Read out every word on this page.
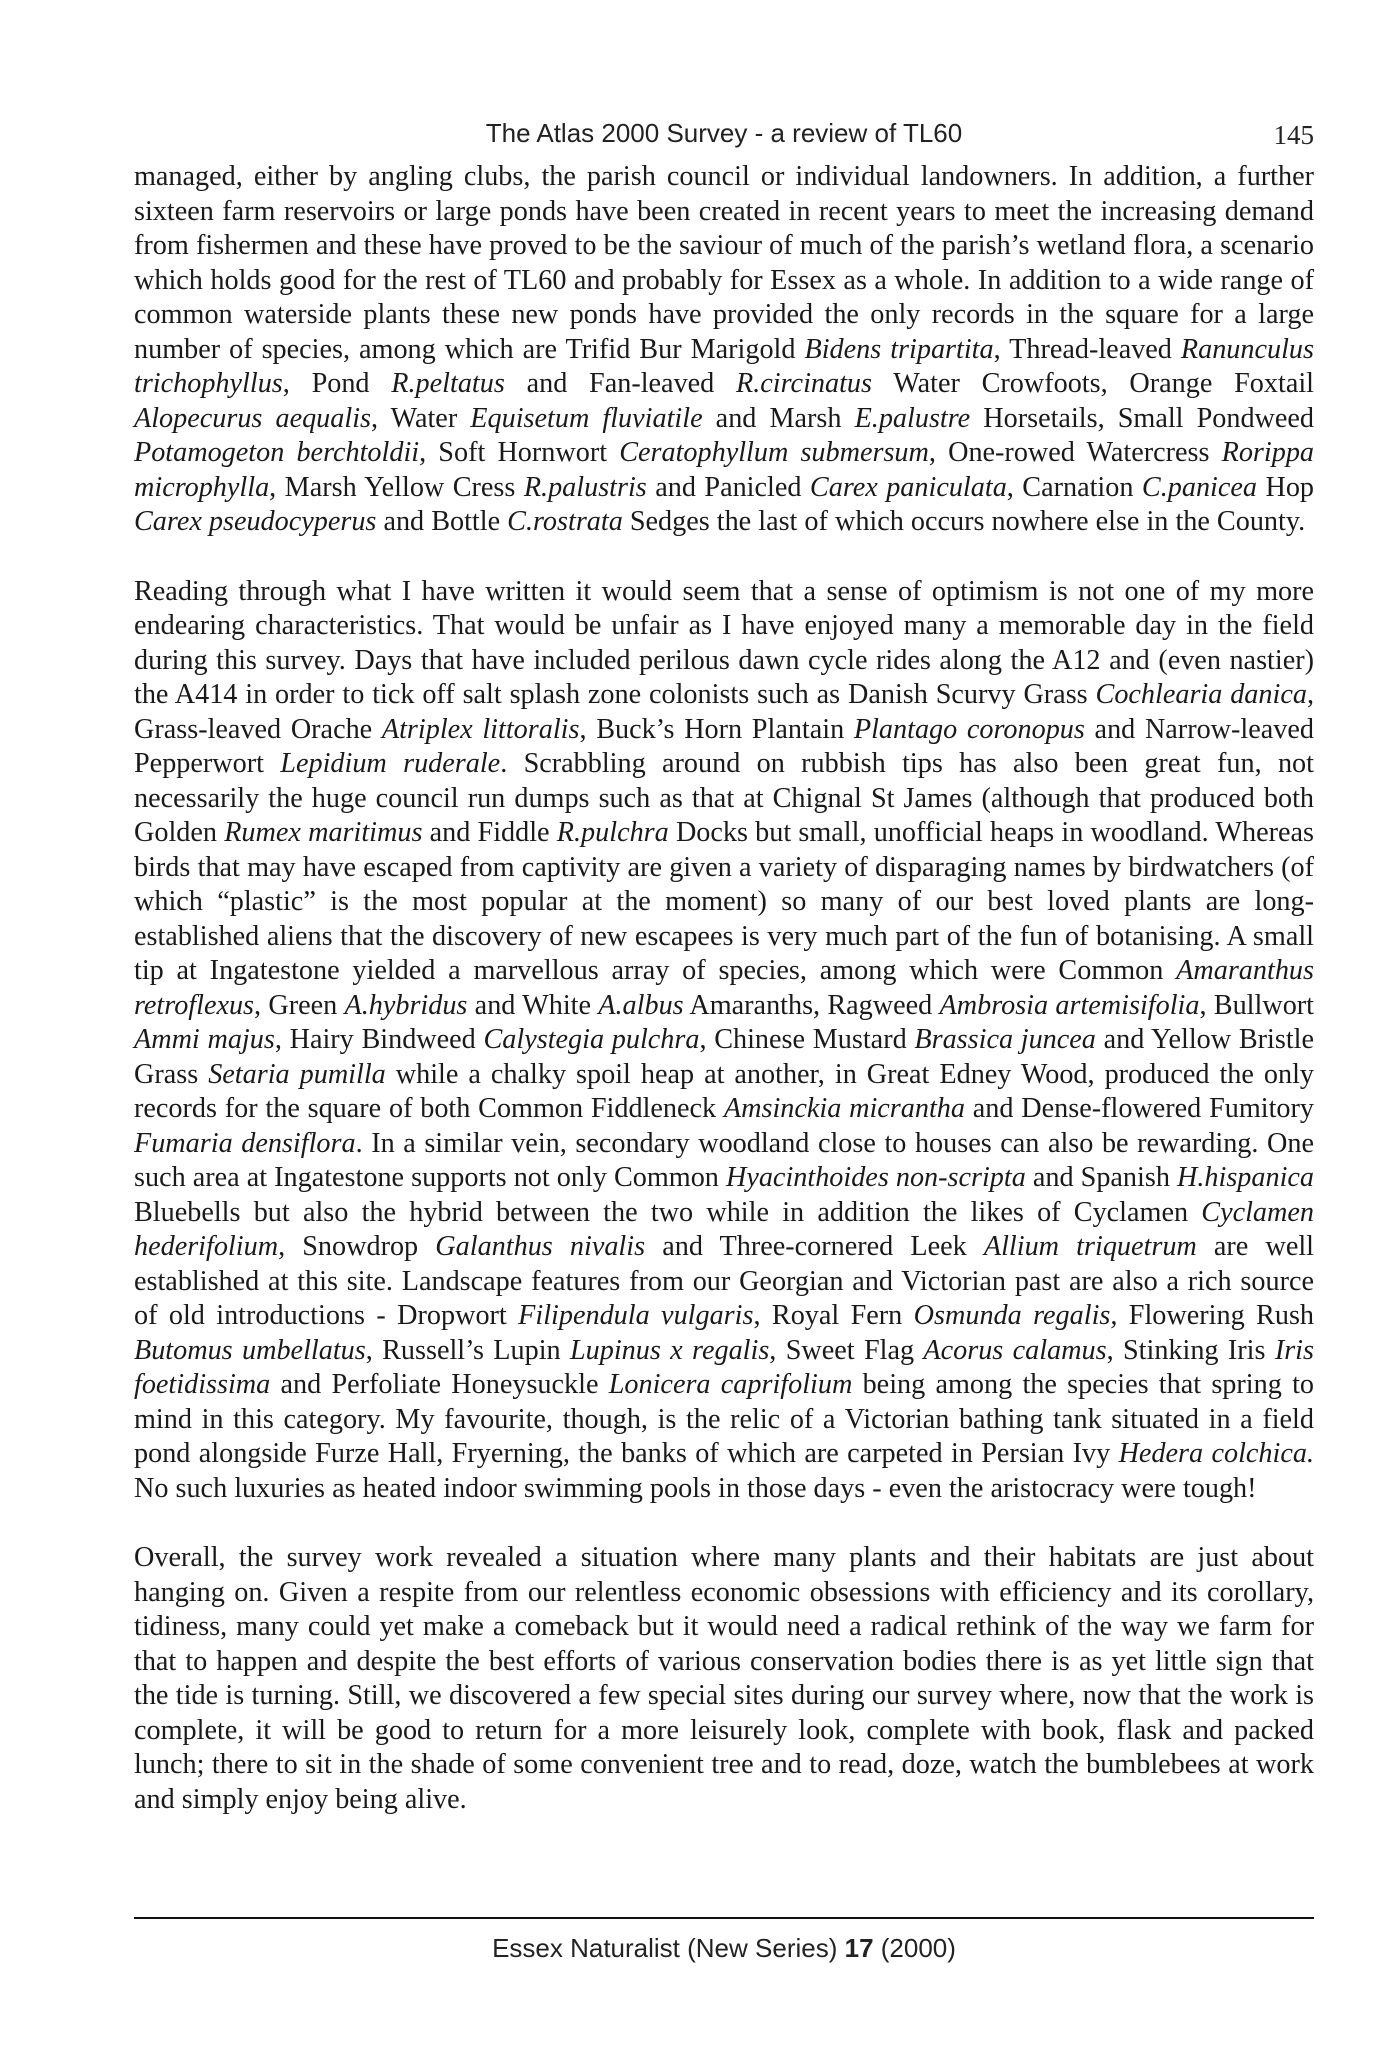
The Atlas 2000 Survey - a review of TL60	145

managed, either by angling clubs, the parish council or individual landowners. In addition, a further sixteen farm reservoirs or large ponds have been created in recent years to meet the increasing demand from fishermen and these have proved to be the saviour of much of the parish’s wetland flora, a scenario which holds good for the rest of TL60 and probably for Essex as a whole. In addition to a wide range of common waterside plants these new ponds have provided the only records in the square for a large number of species, among which are Trifid Bur Marigold Bidens tripartita, Thread-leaved Ranunculus trichophyllus, Pond R.peltatus and Fan-leaved R.circinatus Water Crowfoots, Orange Foxtail Alopecurus aequalis, Water Equisetum fluviatile and Marsh E.palustre Horsetails, Small Pondweed Potamogeton berchtoldii, Soft Hornwort Ceratophyllum submersum, One-rowed Watercress Rorippa microphylla, Marsh Yellow Cress R.palustris and Panicled Carex paniculata, Carnation C.panicea Hop Carex pseudocyperus and Bottle C.rostrata Sedges the last of which occurs nowhere else in the County.

Reading through what I have written it would seem that a sense of optimism is not one of my more endearing characteristics. That would be unfair as I have enjoyed many a memorable day in the field during this survey. Days that have included perilous dawn cycle rides along the A12 and (even nastier) the A414 in order to tick off salt splash zone colonists such as Danish Scurvy Grass Cochlearia danica, Grass-leaved Orache Atriplex littoralis, Buck’s Horn Plantain Plantago coronopus and Narrow-leaved Pepperwort Lepidium ruderale. Scrabbling around on rubbish tips has also been great fun, not necessarily the huge council run dumps such as that at Chignal St James (although that produced both Golden Rumex maritimus and Fiddle R.pulchra Docks but small, unofficial heaps in woodland. Whereas birds that may have escaped from captivity are given a variety of disparaging names by birdwatchers (of which “plastic” is the most popular at the moment) so many of our best loved plants are long-established aliens that the discovery of new escapees is very much part of the fun of botanising. A small tip at Ingatestone yielded a marvellous array of species, among which were Common Amaranthus retroflexus, Green A.hybridus and White A.albus Amaranths, Ragweed Ambrosia artemisifolia, Bullwort Ammi majus, Hairy Bindweed Calystegia pulchra, Chinese Mustard Brassica juncea and Yellow Bristle Grass Setaria pumilla while a chalky spoil heap at another, in Great Edney Wood, produced the only records for the square of both Common Fiddleneck Amsinckia micrantha and Dense-flowered Fumitory Fumaria densiflora. In a similar vein, secondary woodland close to houses can also be rewarding. One such area at Ingatestone supports not only Common Hyacinthoides non-scripta and Spanish H.hispanica Bluebells but also the hybrid between the two while in addition the likes of Cyclamen Cyclamen hederifolium, Snowdrop Galanthus nivalis and Three-cornered Leek Allium triquetrum are well established at this site. Landscape features from our Georgian and Victorian past are also a rich source of old introductions - Dropwort Filipendula vulgaris, Royal Fern Osmunda regalis, Flowering Rush Butomus umbellatus, Russell’s Lupin Lupinus x regalis, Sweet Flag Acorus calamus, Stinking Iris Iris foetidissima and Perfoliate Honeysuckle Lonicera caprifolium being among the species that spring to mind in this category. My favourite, though, is the relic of a Victorian bathing tank situated in a field pond alongside Furze Hall, Fryerning, the banks of which are carpeted in Persian Ivy Hedera colchica. No such luxuries as heated indoor swimming pools in those days - even the aristocracy were tough!

Overall, the survey work revealed a situation where many plants and their habitats are just about hanging on. Given a respite from our relentless economic obsessions with efficiency and its corollary, tidiness, many could yet make a comeback but it would need a radical rethink of the way we farm for that to happen and despite the best efforts of various conservation bodies there is as yet little sign that the tide is turning. Still, we discovered a few special sites during our survey where, now that the work is complete, it will be good to return for a more leisurely look, complete with book, flask and packed lunch; there to sit in the shade of some convenient tree and to read, doze, watch the bumblebees at work and simply enjoy being alive.

Essex Naturalist (New Series) 17 (2000)
